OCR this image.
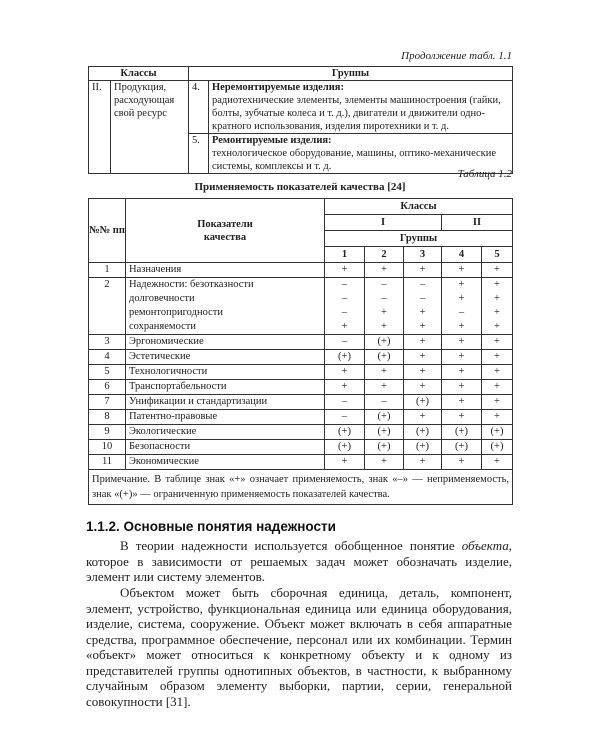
Продолжение табл. 1.1
Классы		Группы	
II.	Продукция, расходующая свой ресурс	4.	Неремонтируемые изделия:
радиотехнические элементы, элементы машиностроения (гайки, болты, зубчатые колеса и т. д.), двигатели и движители одно-кратного использования, изделия пиротехники и т. д.
		5.	Ремонтируемые изделия:
технологическое оборудование, машины, оптико-механические системы, комплексы и т. д.
Таблица 1.2
Применяемость показателей качества [24]
№№ пп	Показатели качества	Классы				
		I			II	
		Группы				
		1	2	3	4	5
1	Назначения	+	+	+	+	+
2	Надежности: безотказности	–	–	–	+	+
	долговечности	–	–	–	+	+
	ремонтопригодности	–	+	+	–	+
	сохраняемости	+	+	+	+	+
3	Эргономические	–	(+)	+	+	+
4	Эстетические	(+)	(+)	+	+	+
5	Технологичности	+	+	+	+	+
6	Транспортабельности	+	+	+	+	+
7	Унификации и стандартизации	–	–	(+)	+	+
8	Патентно-правовые	–	(+)	+	+	+
9	Экологические	(+)	(+)	(+)	(+)	(+)
10	Безопасности	(+)	(+)	(+)	(+)	(+)
11	Экономические	+	+	+	+	+
Примечание. В таблице знак «+» означает применяемость, знак «–» — неприменяемость, знак «(+)» — ограниченную применяемость показателей качества.						
1.1.2. Основные понятия надежности

В теории надежности используется обобщенное понятие объекта, которое в зависимости от решаемых задач может обозначать изделие, элемент или систему элементов.

Объектом может быть сборочная единица, деталь, компонент, элемент, устройство, функциональная единица или единица оборудования, изделие, система, сооружение. Объект может включать в себя аппаратные средства, программное обеспечение, персонал или их комбинации. Термин «объект» может относиться к конкретному объекту и к одному из представителей группы однотипных объектов, в частности, к выбранному случайным образом элементу выборки, партии, серии, генеральной совокупности [31].
